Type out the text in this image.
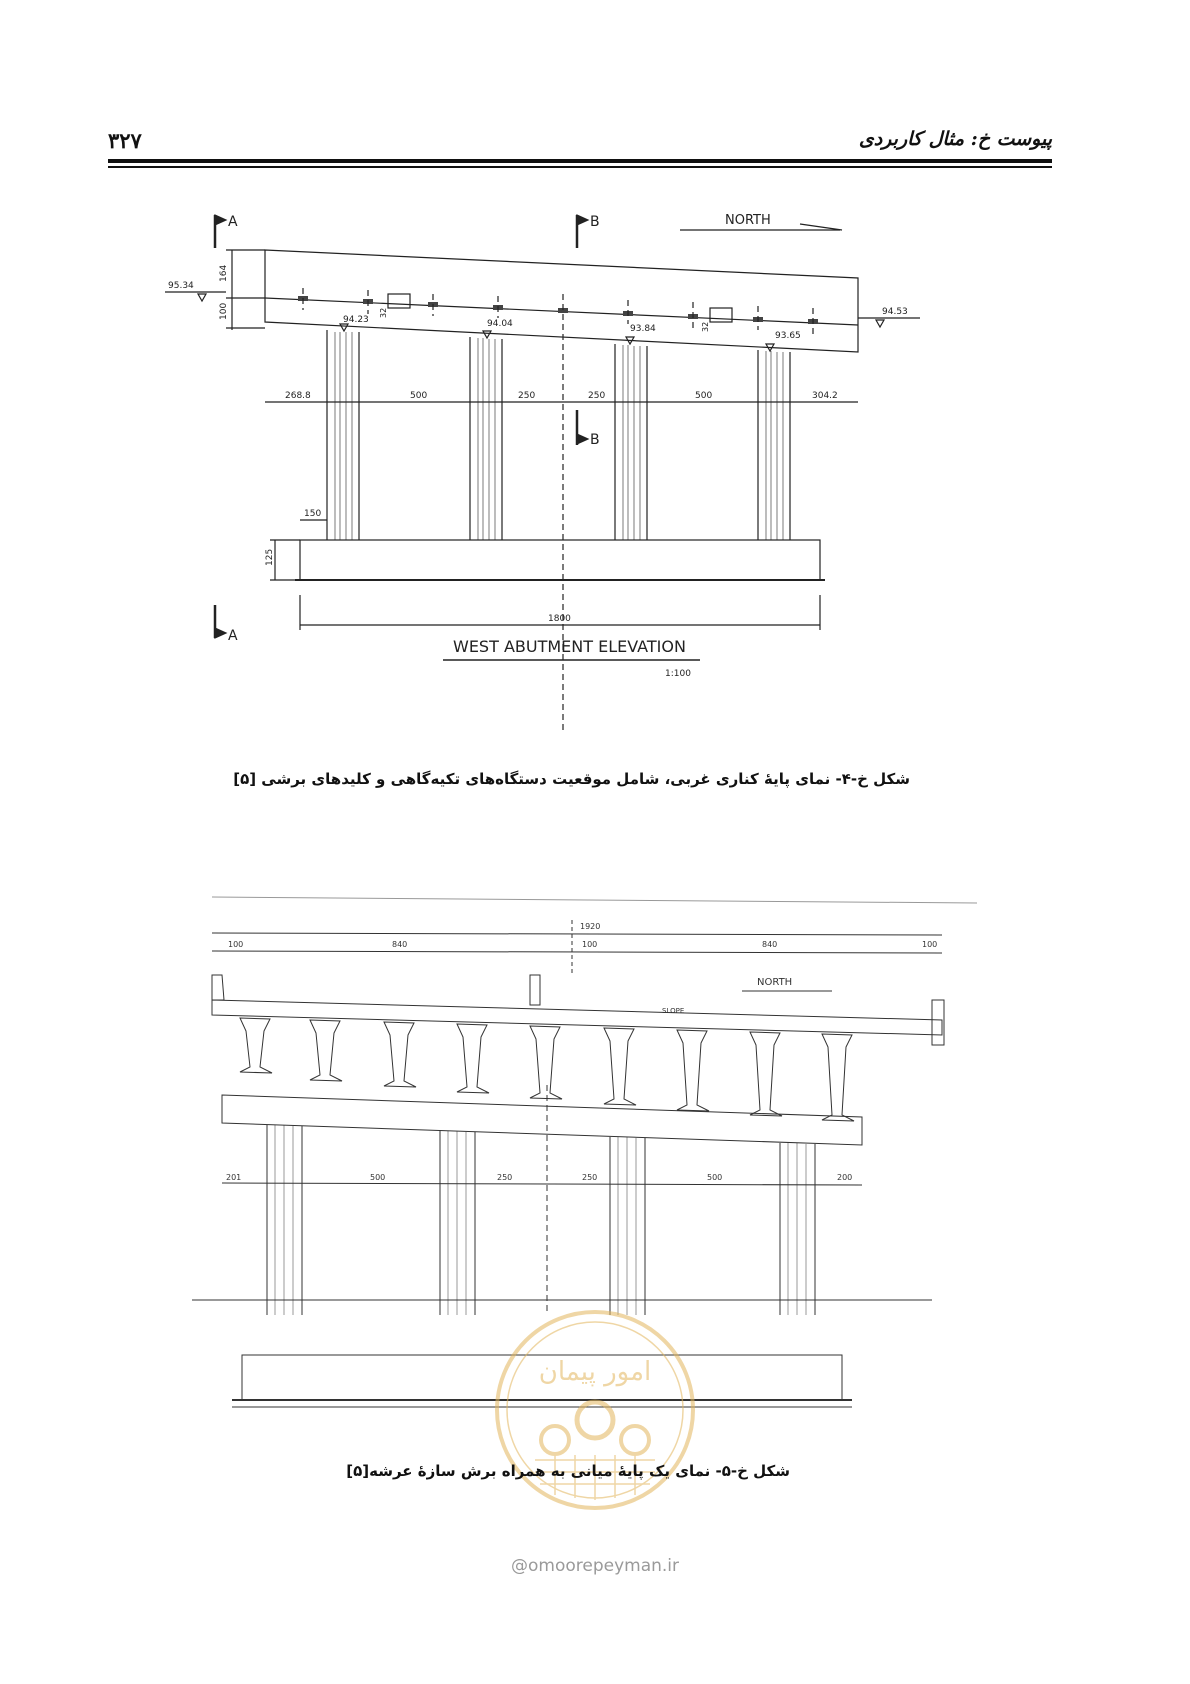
۳۲۷	پیوست خ: مثال کاربردی
A	B	NORTH
164
100
95.34
94.53
32
32
94.23	94.04	93.84
93.65
268.8	500	250	250	500	304.2
B
150
125
1800
A
WEST ABUTMENT ELEVATION
1:100
شکل خ-۴- نمای پایهٔ کناری غربی، شامل موقعیت دستگاه‌های تکیه‌گاهی و کلیدهای برشی [۵]
1920
100	840	100	840	100
NORTH
SLOPE
201	500	250	250	500	200
امور پیمان
شکل خ-۵- نمای یک پایهٔ میانی به همراه برش سازهٔ عرشه[۵]
@omoorepeyman.ir
